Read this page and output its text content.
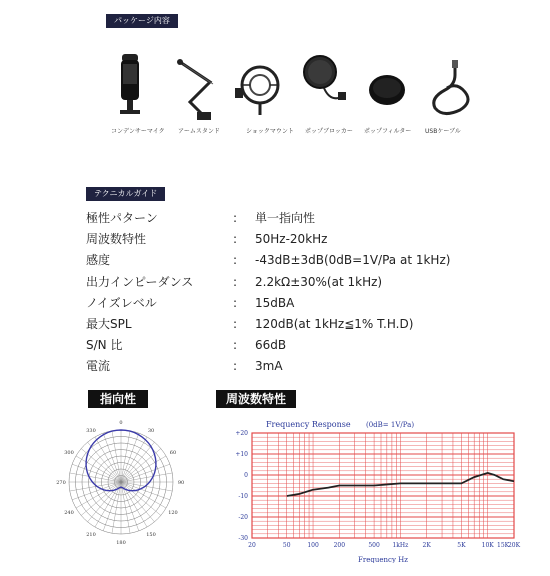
パッケージ内容
コンデンサーマイク アームスタンド	ショックマウント ポップブロッカー ポップフィルター USBケーブル
テクニカルガイド
極性パターン	: 単一指向性
周波数特性	: 50Hz-20kHz
感度	: -43dB±3dB(0dB=1V/Pa at 1kHz)
出力インピーダンス	: 2.2kΩ±30%(at 1kHz)
ノイズレベル	: 15dBA
最大SPL	: 120dB(at 1kHz≦1% T.H.D)
S/N 比	: 66dB
電流	: 3mA
指向性
0
30
60
90
120
150
180
210
240
270
300
330
周波数特性
Frequency Response (0dB= 1V/Pa)
+20
+10
0
-10
-20
-30
20	50	100 200	500 1kHz 2K	5K	10K 15K
20K
Frequency Hz
